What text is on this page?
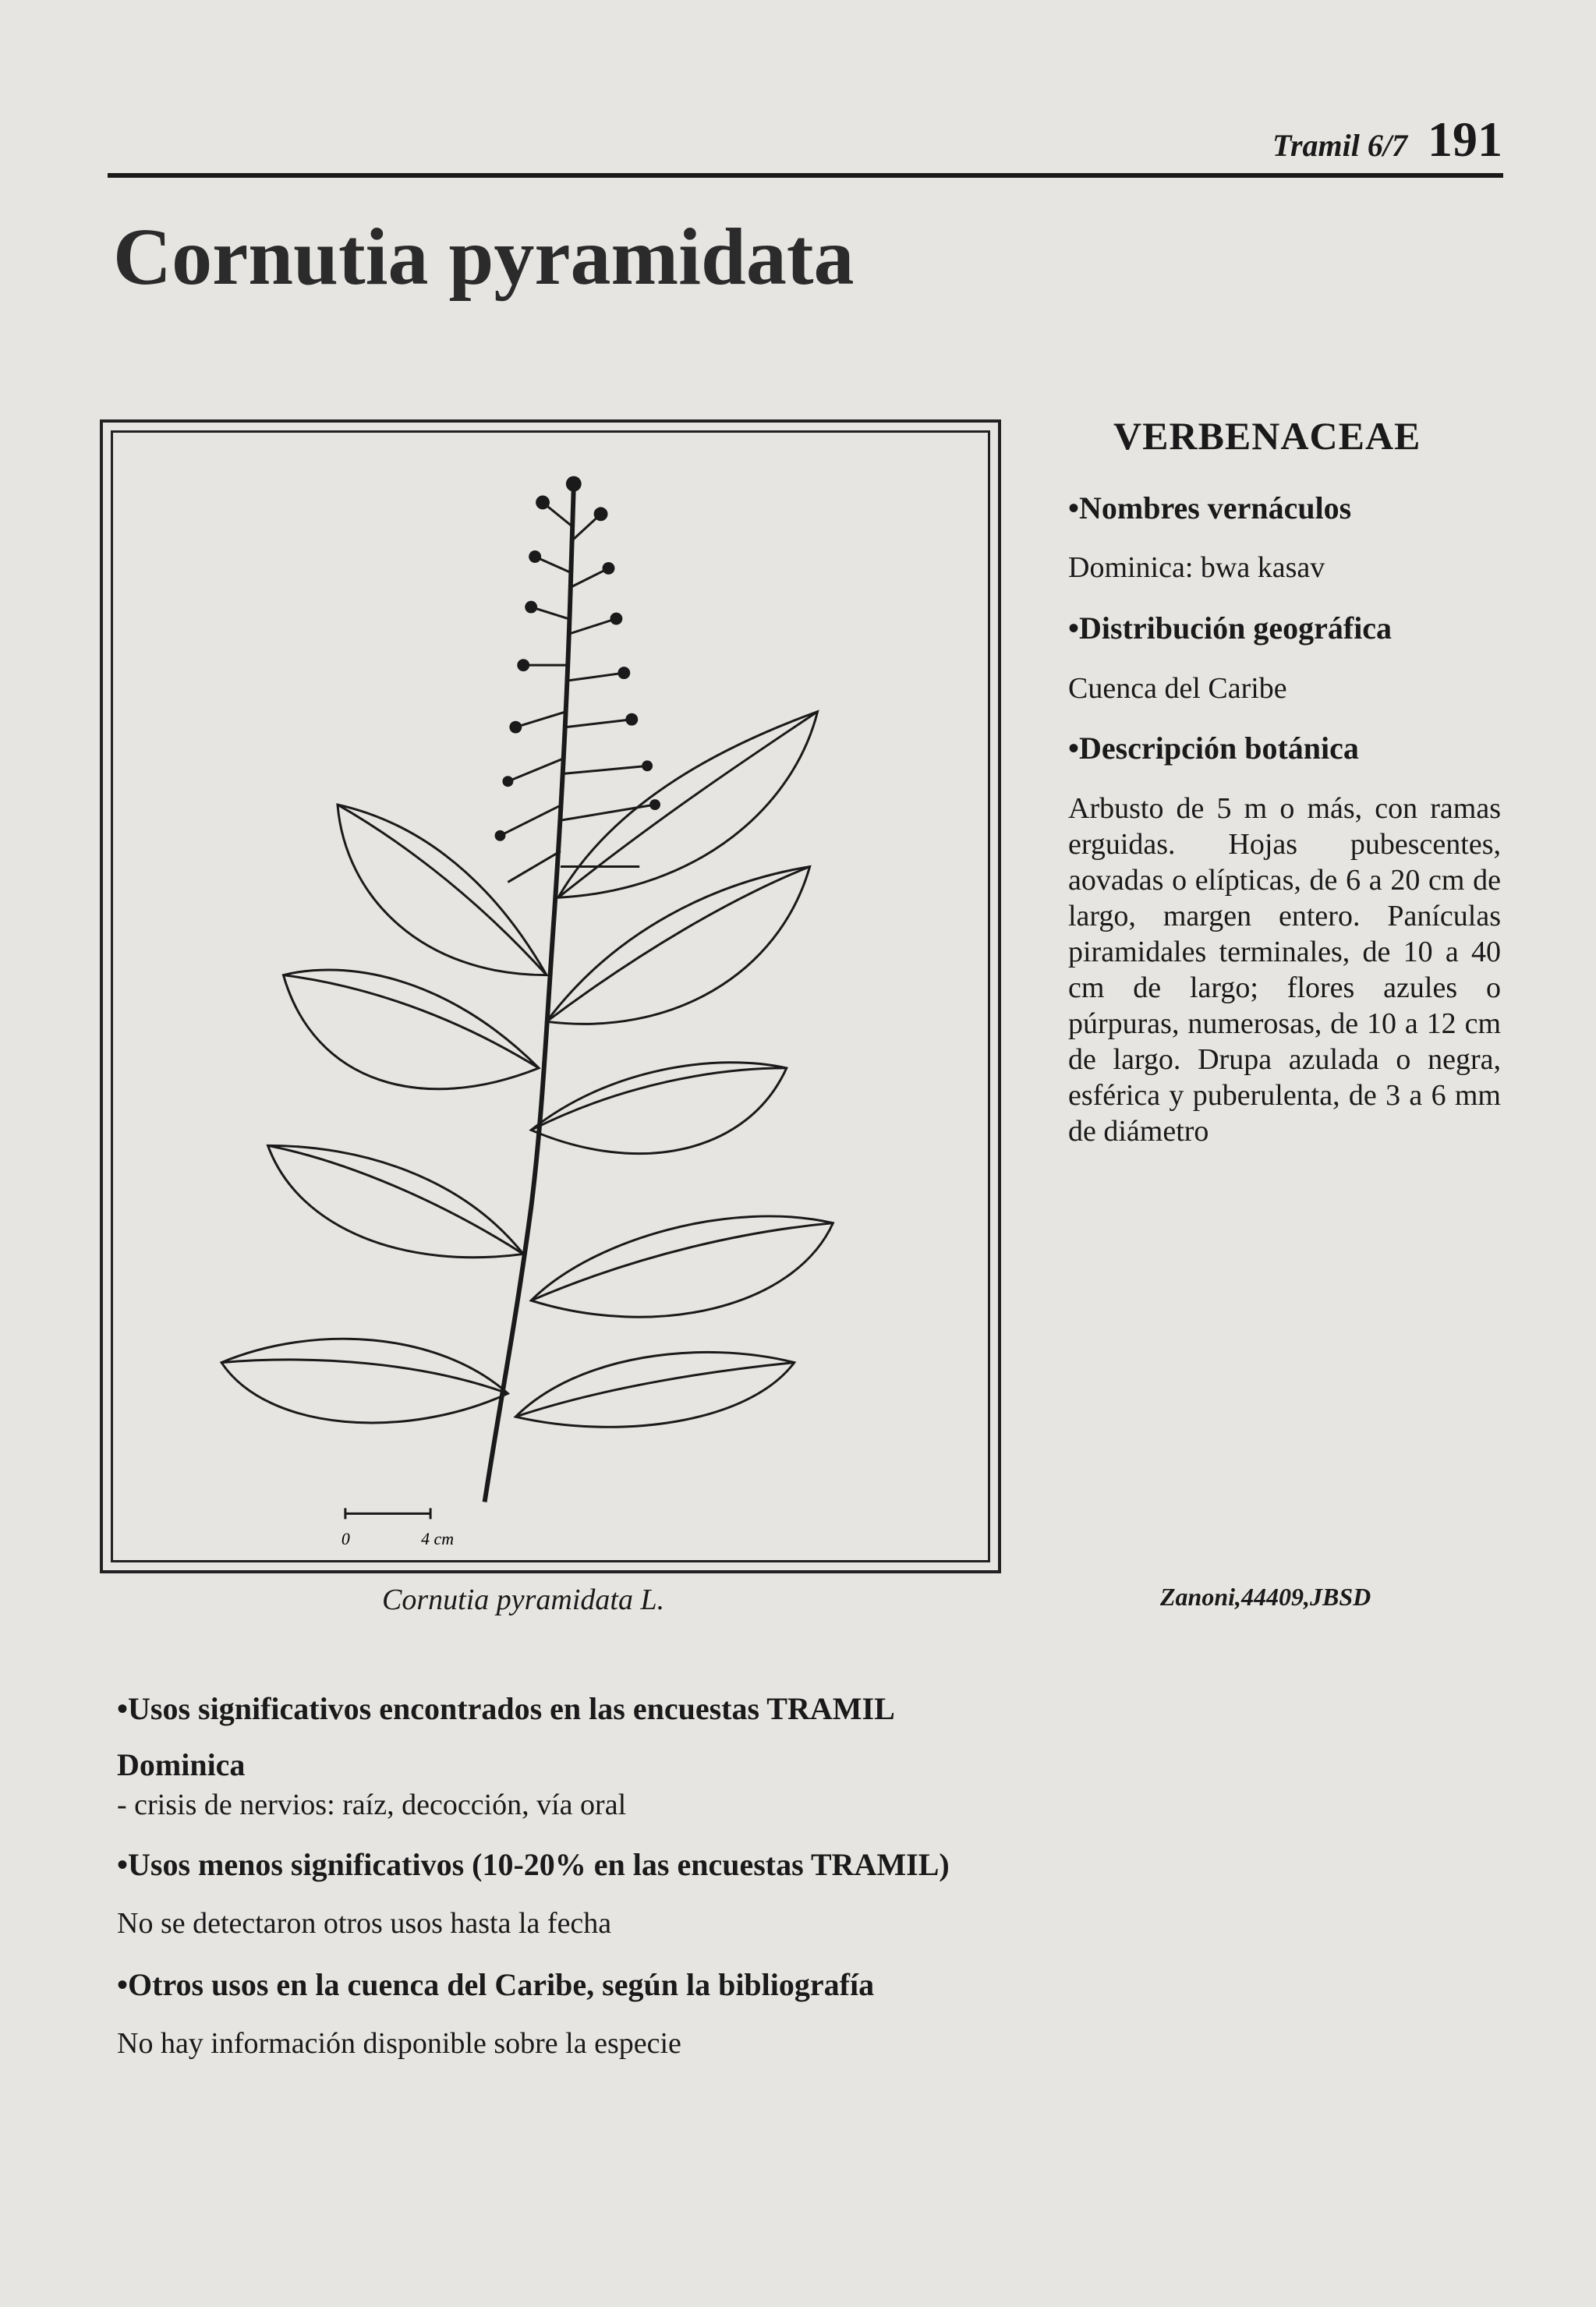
Tramil 6/7 191
Cornutia pyramidata
0	4 cm
Cornutia pyramidata L.	Zanoni,44409,JBSD
VERBENACEAE
•Nombres vernáculos
Dominica: bwa kasav
•Distribución geográfica
Cuenca del Caribe
•Descripción botánica
Arbusto de 5 m o más, con ramas erguidas. Hojas pubescentes, aovadas o elípticas, de 6 a 20 cm de largo, margen entero. Panículas piramidales terminales, de 10 a 40 cm de largo; flores azules o púrpuras, numerosas, de 10 a 12 cm de largo. Drupa azulada o negra, esférica y puberulenta, de 3 a 6 mm de diámetro
•Usos significativos encontrados en las encuestas TRAMIL
Dominica
- crisis de nervios: raíz, decocción, vía oral
•Usos menos significativos (10-20% en las encuestas TRAMIL)
No se detectaron otros usos hasta la fecha
•Otros usos en la cuenca del Caribe, según la bibliografía
No hay información disponible sobre la especie
